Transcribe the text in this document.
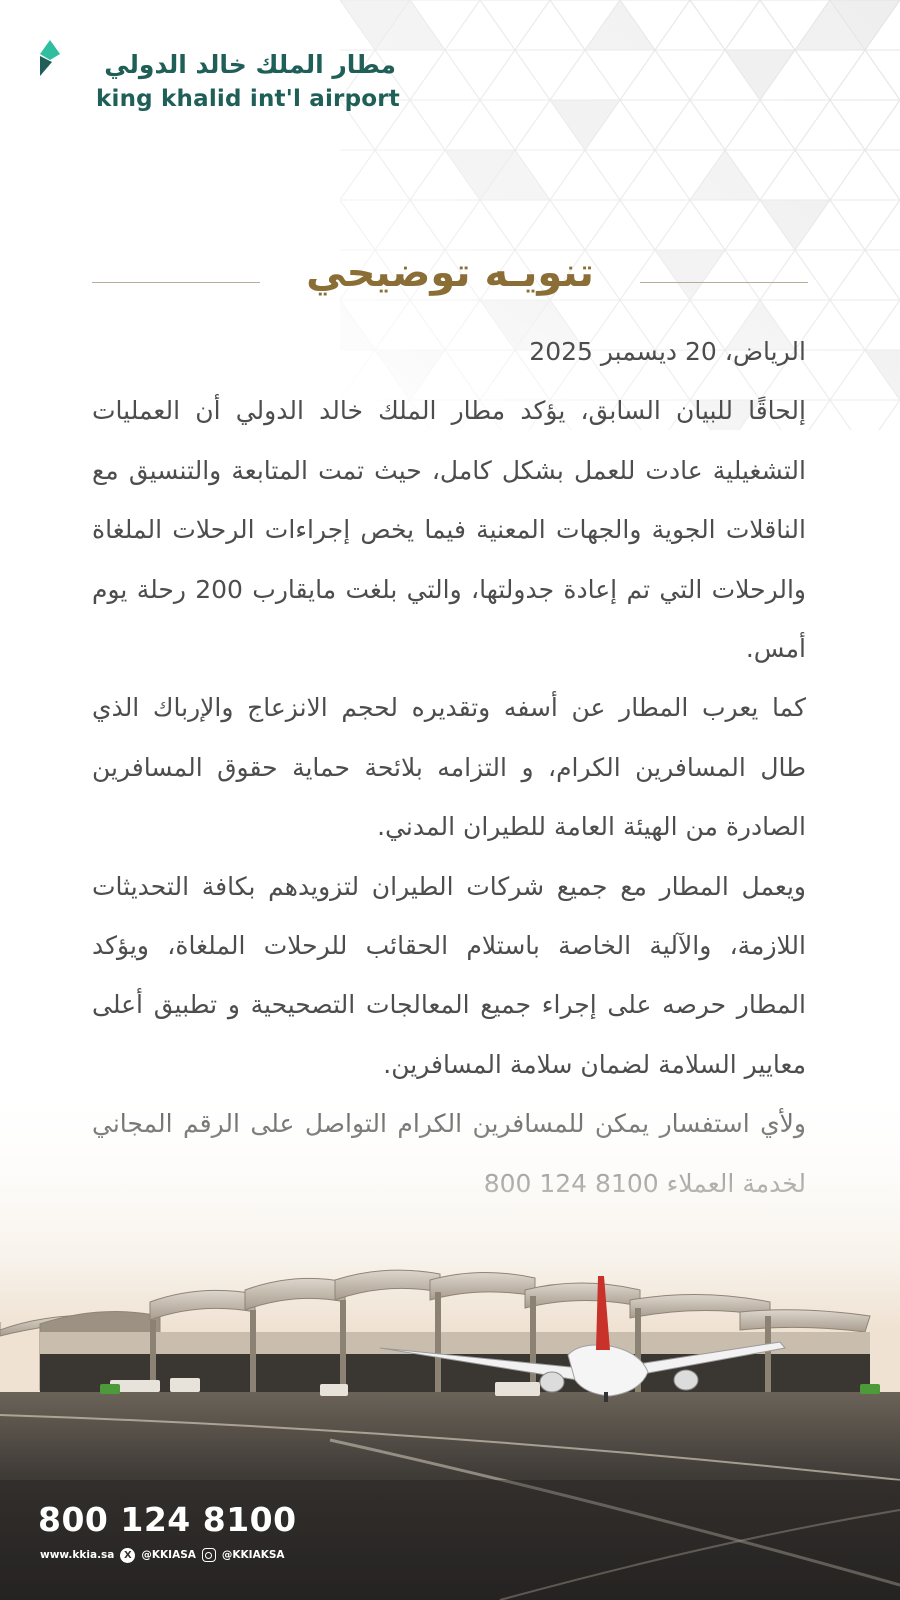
مطار الملك خالد الدولي
king khalid int'l airport
تنويـه توضيحي

الرياض، 20 ديسمبر 2025

إلحاقًا للبيان السابق، يؤكد مطار الملك خالد الدولي أن العمليات التشغيلية عادت للعمل بشكل كامل، حيث تمت المتابعة والتنسيق مع الناقلات الجوية والجهات المعنية فيما يخص إجراءات الرحلات الملغاة والرحلات التي تم إعادة جدولتها، والتي بلغت مايقارب 200 رحلة يوم أمس.

كما يعرب المطار عن أسفه وتقديره لحجم الانزعاج والإرباك الذي طال المسافرين الكرام، و التزامه بلائحة حماية حقوق المسافرين الصادرة من الهيئة العامة للطيران المدني.

ويعمل المطار مع جميع شركات الطيران لتزويدهم بكافة التحديثات اللازمة، والآلية الخاصة باستلام الحقائب للرحلات الملغاة، ويؤكد المطار حرصه على إجراء جميع المعالجات التصحيحية و تطبيق أعلى معايير السلامة لضمان سلامة المسافرين.

800 124 8100
www.kkia.sa X @KKIASA @KKIAKSA
